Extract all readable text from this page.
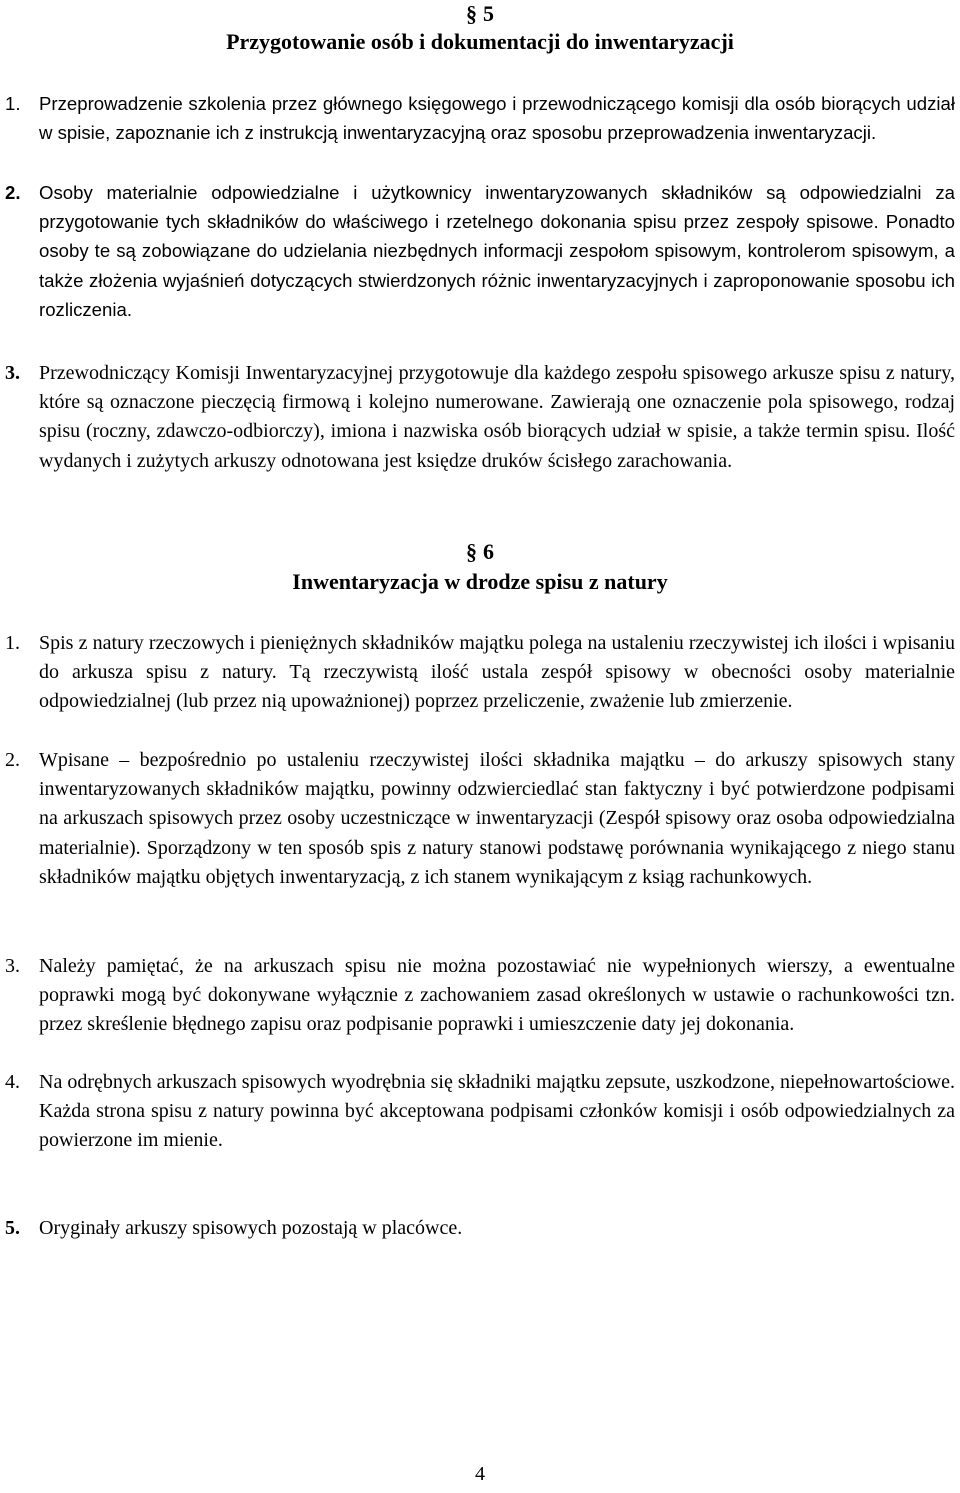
§ 5
Przygotowanie osób i dokumentacji do inwentaryzacji
1. Przeprowadzenie szkolenia przez głównego księgowego i przewodniczącego komisji dla osób biorących udział w spisie, zapoznanie ich z instrukcją inwentaryzacyjną oraz sposobu przeprowadzenia inwentaryzacji.
2. Osoby materialnie odpowiedzialne i użytkownicy inwentaryzowanych składników są odpowiedzialni za przygotowanie tych składników do właściwego i rzetelnego dokonania spisu przez zespoły spisowe. Ponadto osoby te są zobowiązane do udzielania niezbędnych informacji zespołom spisowym, kontrolerom spisowym, a także złożenia wyjaśnień dotyczących stwierdzonych różnic inwentaryzacyjnych i zaproponowanie sposobu ich rozliczenia.
3. Przewodniczący Komisji Inwentaryzacyjnej przygotowuje dla każdego zespołu spisowego arkusze spisu z natury, które są oznaczone pieczęcią firmową i kolejno numerowane. Zawierają one oznaczenie pola spisowego, rodzaj spisu (roczny, zdawczo-odbiorczy), imiona i nazwiska osób biorących udział w spisie, a także termin spisu. Ilość wydanych i zużytych arkuszy odnotowana jest księdze druków ścisłego zarachowania.
§ 6
Inwentaryzacja w drodze spisu z natury
1. Spis z natury rzeczowych i pieniężnych składników majątku polega na ustaleniu rzeczywistej ich ilości i wpisaniu do arkusza spisu z natury. Tą rzeczywistą ilość ustala zespół spisowy w obecności osoby materialnie odpowiedzialnej (lub przez nią upoważnionej) poprzez przeliczenie, zważenie lub zmierzenie.
2. Wpisane – bezpośrednio po ustaleniu rzeczywistej ilości składnika majątku – do arkuszy spisowych stany inwentaryzowanych składników majątku, powinny odzwierciedlać stan faktyczny i być potwierdzone podpisami na arkuszach spisowych przez osoby uczestniczące w inwentaryzacji (Zespół spisowy oraz osoba odpowiedzialna materialnie). Sporządzony w ten sposób spis z natury stanowi podstawę porównania wynikającego z niego stanu składników majątku objętych inwentaryzacją, z ich stanem wynikającym z ksiąg rachunkowych.
3. Należy pamiętać, że na arkuszach spisu nie można pozostawiać nie wypełnionych wierszy, a ewentualne poprawki mogą być dokonywane wyłącznie z zachowaniem zasad określonych w ustawie o rachunkowości tzn. przez skreślenie błędnego zapisu oraz podpisanie poprawki i umieszczenie daty jej dokonania.
4. Na odrębnych arkuszach spisowych wyodrębnia się składniki majątku zepsute, uszkodzone, niepełnowartościowe. Każda strona spisu z natury powinna być akceptowana podpisami członków komisji i osób odpowiedzialnych za powierzone im mienie.
5. Oryginały arkuszy spisowych pozostają w placówce.
4
